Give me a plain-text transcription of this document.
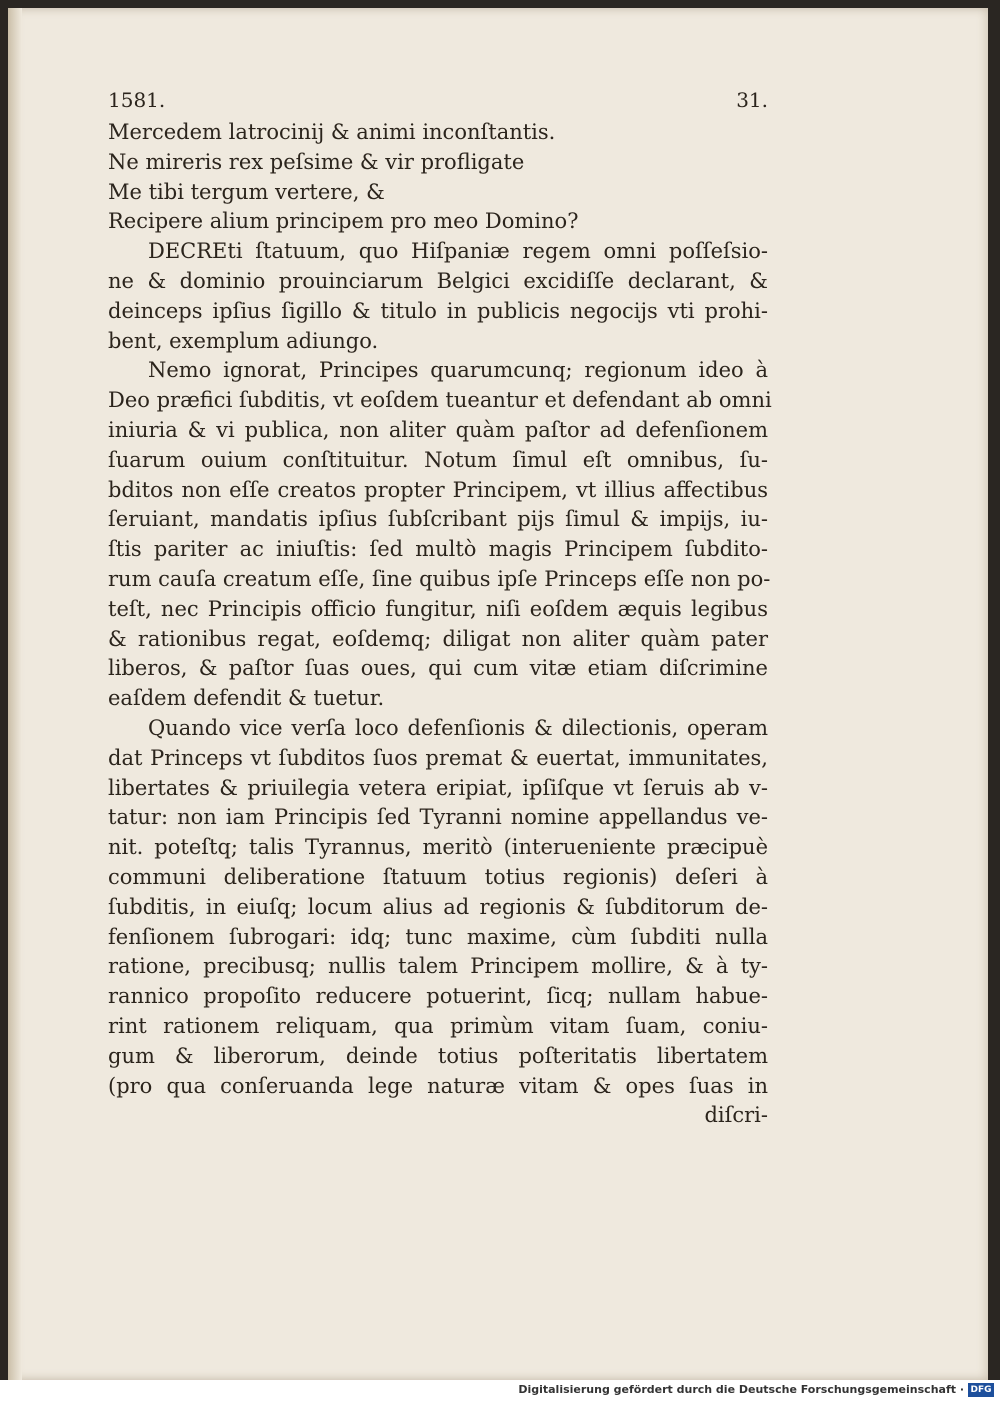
1581.	31.
Mercedem latrocinij & animi inconſtantis.
Ne mireris rex peſsime & vir profligate
Me tibi tergum vertere, &
Recipere alium principem pro meo Domino?
DECREti ſtatuum, quo Hiſpaniæ regem omni poſſeſsio-
ne & dominio prouinciarum Belgici excidiſſe declarant, &
deinceps ipſius ſigillo & titulo in publicis negocijs vti prohi-
bent, exemplum adiungo.
Nemo ignorat, Principes quarumcunq; regionum ideo à
Deo præfici ſubditis, vt eoſdem tueantur et defendant ab omni
iniuria & vi publica, non aliter quàm paſtor ad defenſionem
ſuarum ouium conſtituitur. Notum ſimul eſt omnibus, ſu-
bditos non eſſe creatos propter Principem, vt illius affectibus
ſeruiant, mandatis ipſius ſubſcribant pijs ſimul & impijs, iu-
ſtis pariter ac iniuſtis: ſed multò magis Principem ſubdito-
rum cauſa creatum eſſe, ſine quibus ipſe Princeps eſſe non po-
teſt, nec Principis officio fungitur, niſi eoſdem æquis legibus
& rationibus regat, eoſdemq; diligat non aliter quàm pater
liberos, & paſtor ſuas oues, qui cum vitæ etiam diſcrimine
eaſdem defendit & tuetur.
Quando vice verſa loco defenſionis & dilectionis, operam
dat Princeps vt ſubditos ſuos premat & euertat, immunitates,
libertates & priuilegia vetera eripiat, ipſiſque vt ſeruis ab v-
tatur: non iam Principis ſed Tyranni nomine appellandus ve-
nit. poteſtq; talis Tyrannus, meritò (interueniente præcipuè
communi deliberatione ſtatuum totius regionis) deſeri à
ſubditis, in eiuſq; locum alius ad regionis & ſubditorum de-
fenſionem ſubrogari: idq; tunc maxime, cùm ſubditi nulla
ratione, precibusq; nullis talem Principem mollire, & à ty-
rannico propoſito reducere potuerint, ſicq; nullam habue-
rint rationem reliquam, qua primùm vitam ſuam, coniu-
gum & liberorum, deinde totius poſteritatis libertatem
(pro qua conſeruanda lege naturæ vitam & opes ſuas in
diſcri-
Digitalisierung gefördert durch die Deutsche Forschungsgemeinschaft · DFG
